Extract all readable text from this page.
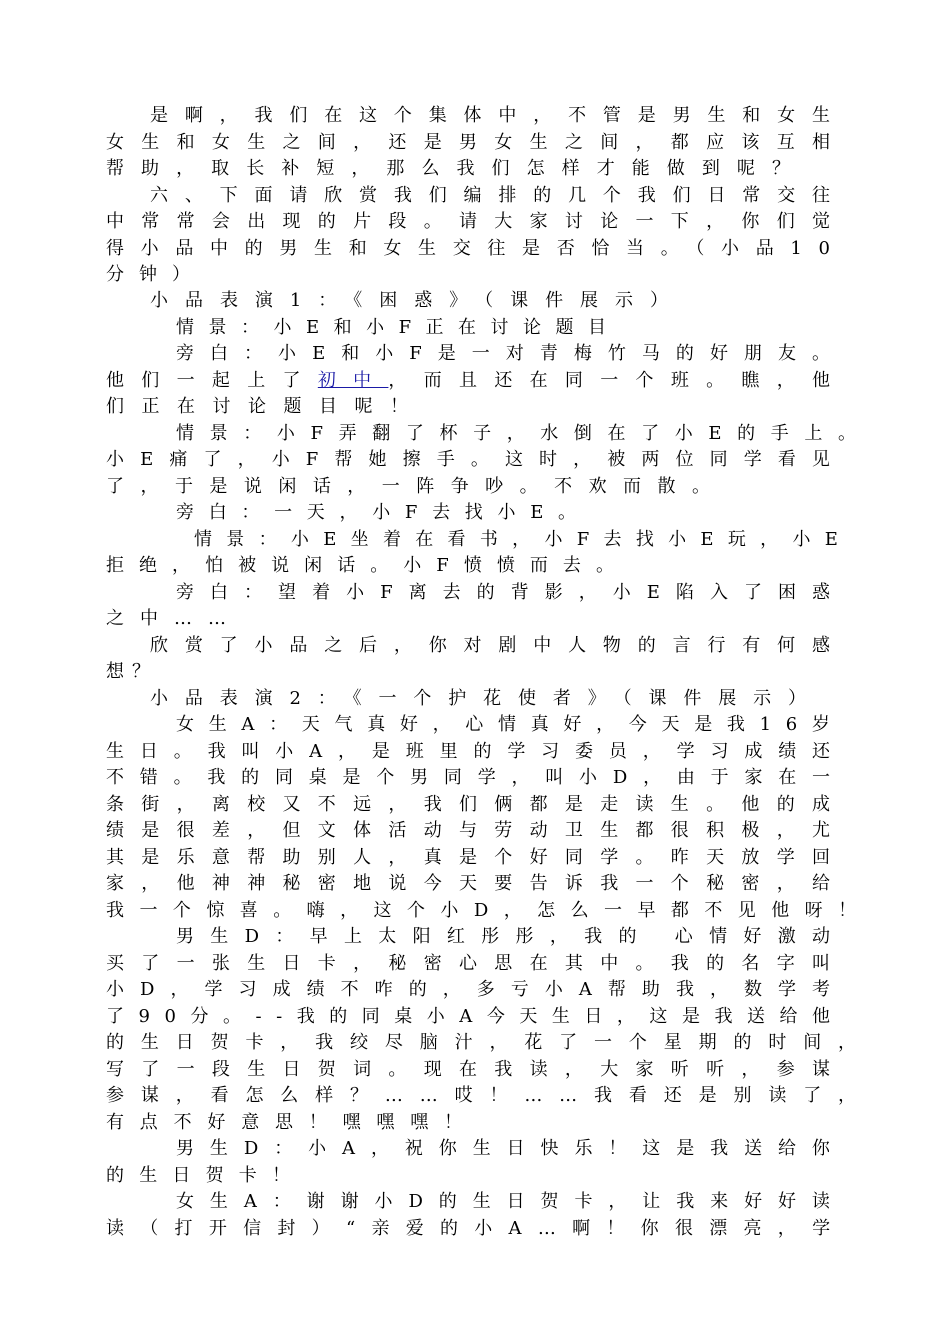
是啊，我们在这个集体中，不管是男生和女生
女生和女生之间，还是男女生之间，都应该互相
帮助，取长补短，那么我们怎样才能做到呢？
六、下面请欣赏我们编排的几个我们日常交往
中常常会出现的片段。请大家讨论一下，你们觉
得小品中的男生和女生交往是否恰当。（小品10
分钟）
小品表演1：《困惑》（课件展示）
情景：小E和小F正在讨论题目
旁白：小E和小F是一对青梅竹马的好朋友。
他们一起上了初中，而且还在同一个班。瞧，他
们正在讨论题目呢！
情景：小F弄翻了杯子，水倒在了小E的手上。
小E痛了，小F帮她擦手。这时，被两位同学看见
了，于是说闲话，一阵争吵。不欢而散。
旁白：一天，小F去找小E。
情景：小E坐着在看书，小F去找小E玩，小E
拒绝，怕被说闲话。小F愤愤而去。
旁白：望着小F离去的背影，小E陷入了困惑
之中……
欣赏了小品之后，你对剧中人物的言行有何感
想？
小品表演2：《一个护花使者》（课件展示）
女生A：天气真好，心情真好，今天是我16岁
生日。我叫小A，是班里的学习委员，学习成绩还
不错。我的同桌是个男同学，叫小D，由于家在一
条街，离校又不远，我们俩都是走读生。他的成
绩是很差，但文体活动与劳动卫生都很积极，尤
其是乐意帮助别人，真是个好同学。昨天放学回
家，他神神秘密地说今天要告诉我一个秘密，给
我一个惊喜。嗨，这个小D，怎么一早都不见他呀！
男生D：早上太阳红彤彤，我的 心情好激动
买了一张生日卡，秘密心思在其中。我的名字叫
小D，学习成绩不咋的，多亏小A帮助我，数学考
了90分。--我的同桌小A今天生日，这是我送给他
的生日贺卡，我绞尽脑汁，花了一个星期的时间，
写了一段生日贺词。现在我读，大家听听，参谋
参谋，看怎么样？……哎！……我看还是别读了，
有点不好意思！嘿嘿嘿！
男生D：小A，祝你生日快乐！这是我送给你
的生日贺卡！
女生A：谢谢小D的生日贺卡，让我来好好读
读（打开信封）“亲爱的小A…啊！你很漂亮，学
